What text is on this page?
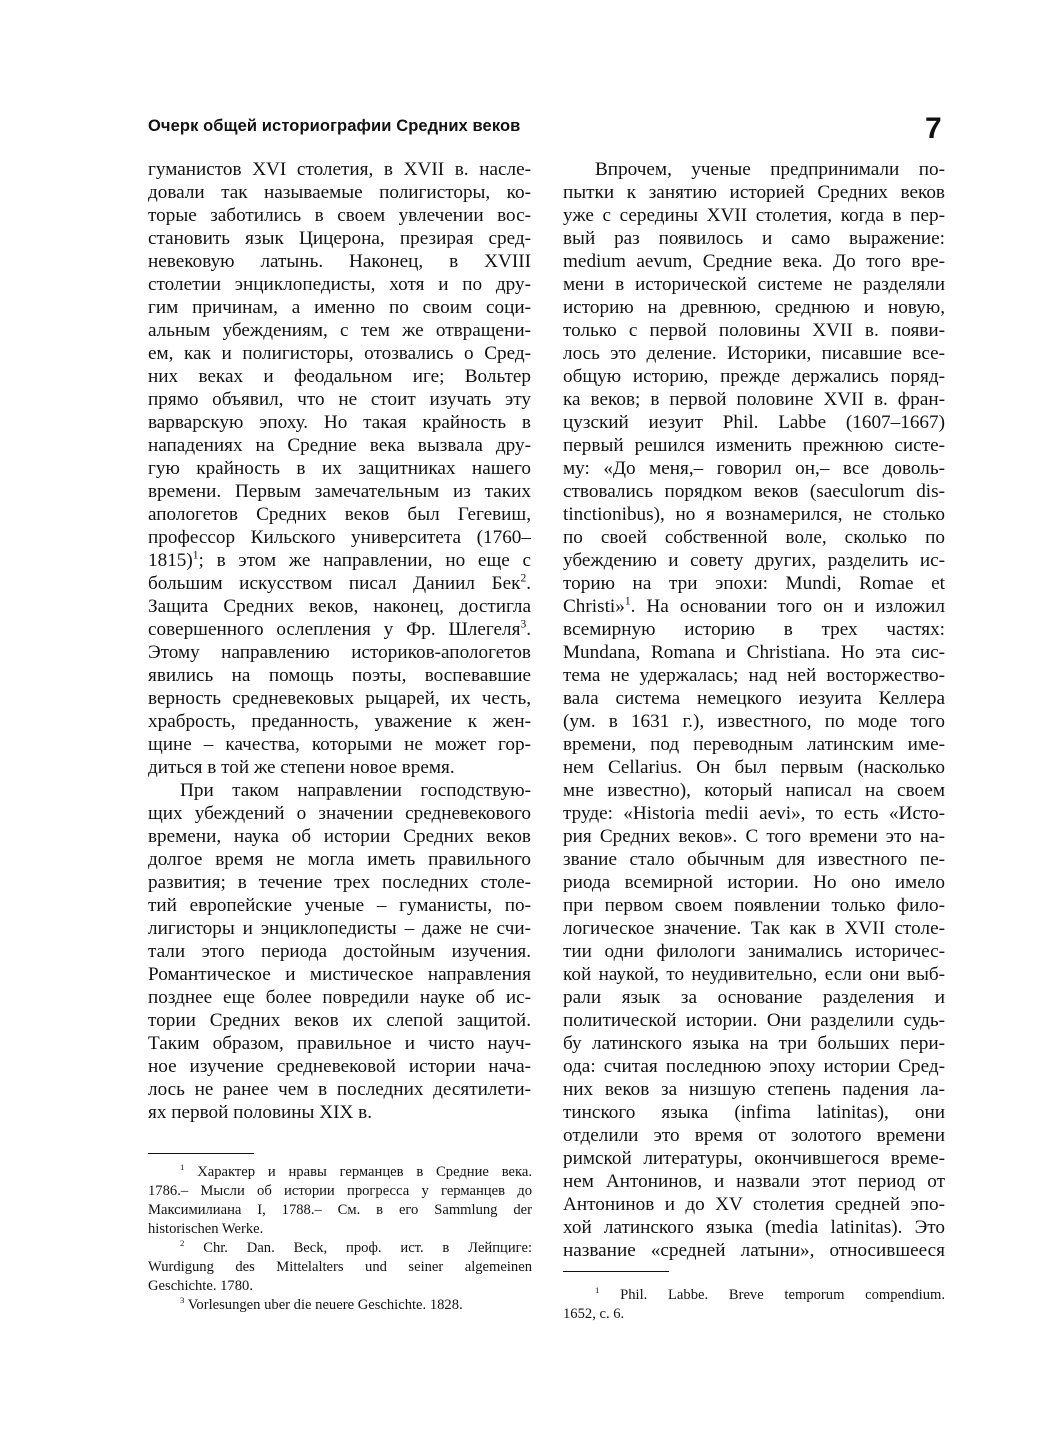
Очерк общей историографии Средних веков	7
гуманистов XVI столетия, в XVII в. насле-
довали так называемые полигисторы, ко-
торые заботились в своем увлечении вос-
становить язык Цицерона, презирая сред-
невековую латынь. Наконец, в XVIII
столетии энциклопедисты, хотя и по дру-
гим причинам, а именно по своим соци-
альным убеждениям, с тем же отвращени-
ем, как и полигисторы, отозвались о Сред-
них веках и феодальном иге; Вольтер
прямо объявил, что не стоит изучать эту
варварскую эпоху. Но такая крайность в
нападениях на Средние века вызвала дру-
гую крайность в их защитниках нашего
времени. Первым замечательным из таких
апологетов Средних веков был Гегевиш,
профессор Кильского университета (1760–
1815)$^1$; в этом же направлении, но еще с
большим искусством писал Даниил Бек$^2$.
Защита Средних веков, наконец, достигла
совершенного ослепления у Фр. Шлегеля$^3$.
Этому направлению историков-апологетов
явились на помощь поэты, воспевавшие
верность средневековых рыцарей, их честь,
храбрость, преданность, уважение к жен-
щине – качества, которыми не может гор-
диться в той же степени новое время.
При таком направлении господствую-
щих убеждений о значении средневекового
времени, наука об истории Средних веков
долгое время не могла иметь правильного
развития; в течение трех последних столе-
тий европейские ученые – гуманисты, по-
лигисторы и энциклопедисты – даже не счи-
тали этого периода достойным изучения.
Романтическое и мистическое направления
позднее еще более повредили науке об ис-
тории Средних веков их слепой защитой.
Таким образом, правильное и чисто науч-
ное изучение средневековой истории нача-
лось не ранее чем в последних десятилети-
ях первой половины XIX в.
Впрочем, ученые предпринимали по-
пытки к занятию историей Средних веков
уже с середины XVII столетия, когда в пер-
вый раз появилось и само выражение:
medium aevum, Средние века. До того вре-
мени в исторической системе не разделяли
историю на древнюю, среднюю и новую,
только с первой половины XVII в. появи-
лось это деление. Историки, писавшие все-
общую историю, прежде держались поряд-
ка веков; в первой половине XVII в. фран-
цузский иезуит Phil. Labbe (1607–1667)
первый решился изменить прежнюю систе-
му: «До меня,– говорил он,– все доволь-
ствовались порядком веков (saeculorum dis-
tinctionibus), но я вознамерился, не столько
по своей собственной воле, сколько по
убеждению и совету других, разделить ис-
торию на три эпохи: Mundi, Romae et
Christi»$^1$. На основании того он и изложил
всемирную историю в трех частях:
Mundana, Romana и Christiana. Но эта сис-
тема не удержалась; над ней восторжество-
вала система немецкого иезуита Келлера
(ум. в 1631 г.), известного, по моде того
времени, под переводным латинским име-
нем Cellarius. Он был первым (насколько
мне известно), который написал на своем
труде: «Historia medii aevi», то есть «Исто-
рия Средних веков». С того времени это на-
звание стало обычным для известного пе-
риода всемирной истории. Но оно имело
при первом своем появлении только фило-
логическое значение. Так как в XVII столе-
тии одни филологи занимались историчес-
кой наукой, то неудивительно, если они выб-
рали язык за основание разделения и
политической истории. Они разделили судь-
бу латинского языка на три больших пери-
ода: считая последнюю эпоху истории Сред-
них веков за низшую степень падения ла-
тинского языка (infima latinitas), они
отделили это время от золотого времени
римской литературы, окончившегося време-
нем Антонинов, и назвали этот период от
Антонинов и до XV столетия средней эпо-
хой латинского языка (media latinitas). Это
название «средней латыни», относившееся
$^1$ Характер и нравы германцев в Средние века.
1786.– Мысли об истории прогресса у германцев до
Максимилиана I, 1788.– См. в его Sammlung der
historischen Werke.
$^2$ Chr. Dan. Beck, проф. ист. в Лейпциге:
Wurdigung des Mittelalters und seiner algemeinen
Geschichte. 1780.
$^3$ Vorlesungen uber die neuere Geschichte. 1828.
$^1$ Phil. Labbe. Breve temporum compendium.
1652, с. 6.
